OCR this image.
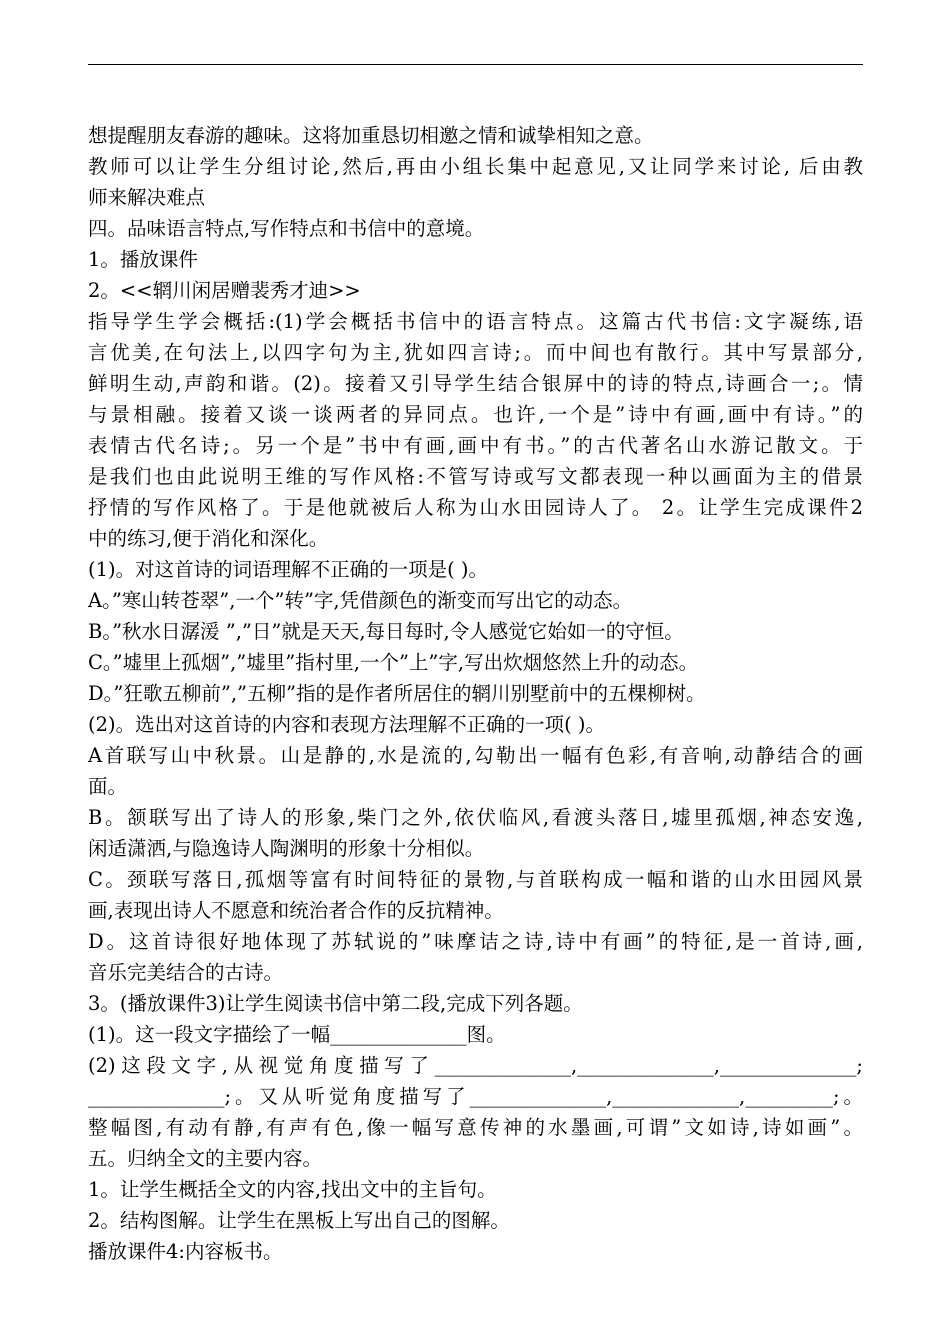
想提醒朋友春游的趣味。这将加重恳切相邀之情和诚挚相知之意。
教师可以让学生分组讨论,然后,再由小组长集中起意见,又让同学来讨论, 后由教
师来解决难点
四。品味语言特点,写作特点和书信中的意境。
1。播放课件
2。<<辋川闲居赠裴秀才迪>>
指导学生学会概括:(1)学会概括书信中的语言特点。这篇古代书信:文字凝练,语
言优美,在句法上,以四字句为主,犹如四言诗;。而中间也有散行。其中写景部分,
鲜明生动,声韵和谐。(2)。接着又引导学生结合银屏中的诗的特点,诗画合一;。情
与景相融。接着又谈一谈两者的异同点。也许,一个是”诗中有画,画中有诗。”的
表情古代名诗;。另一个是”书中有画,画中有书。”的古代著名山水游记散文。于
是我们也由此说明王维的写作风格:不管写诗或写文都表现一种以画面为主的借景
抒情的写作风格了。于是他就被后人称为山水田园诗人了。 2。让学生完成课件2
中的练习,便于消化和深化。
(1)。对这首诗的词语理解不正确的一项是( )。
A。”寒山转苍翠”,一个”转”字,凭借颜色的渐变而写出它的动态。
B。”秋水日潺湲 ”,”日”就是天天,每日每时,令人感觉它始如一的守恒。
C。”墟里上孤烟”,”墟里”指村里,一个”上”字,写出炊烟悠然上升的动态。
D。”狂歌五柳前”,”五柳”指的是作者所居住的辋川别墅前中的五棵柳树。
(2)。选出对这首诗的内容和表现方法理解不正确的一项( )。
A首联写山中秋景。山是静的,水是流的,勾勒出一幅有色彩,有音响,动静结合的画
面。
B。颔联写出了诗人的形象,柴门之外,依伏临风,看渡头落日,墟里孤烟,神态安逸,
闲适潇洒,与隐逸诗人陶渊明的形象十分相似。
C。颈联写落日,孤烟等富有时间特征的景物,与首联构成一幅和谐的山水田园风景
画,表现出诗人不愿意和统治者合作的反抗精神。
D。这首诗很好地体现了苏轼说的”味摩诘之诗,诗中有画”的特征,是一首诗,画,
音乐完美结合的古诗。
3。(播放课件3)让学生阅读书信中第二段,完成下列各题。
(1)。这一段文字描绘了一幅______________图。
(2)这段文字,从视觉角度描写了______________,______________,______________;
______________;。又从听觉角度描写了______________,_____________,_________;。
整幅图,有动有静,有声有色,像一幅写意传神的水墨画,可谓”文如诗,诗如画”。
五。归纳全文的主要内容。
1。让学生概括全文的内容,找出文中的主旨句。
2。结构图解。让学生在黑板上写出自己的图解。
播放课件4:内容板书。
